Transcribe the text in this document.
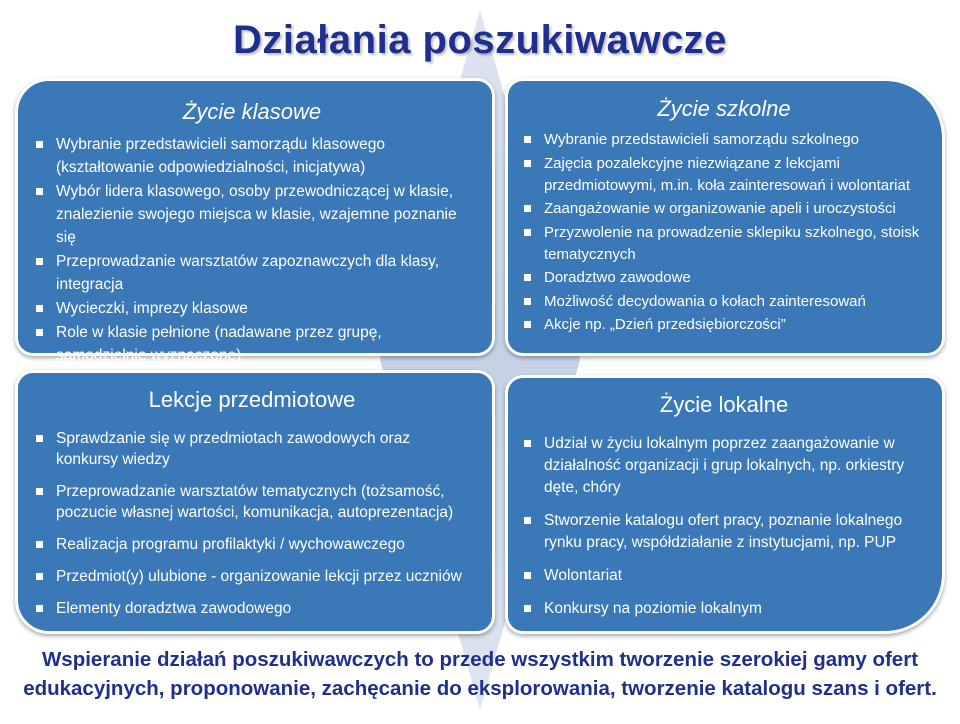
Działania poszukiwawcze
Życie klasowe
Wybranie przedstawicieli samorządu klasowego (kształtowanie odpowiedzialności, inicjatywa)
Wybór lidera klasowego, osoby przewodniczącej w klasie, znalezienie swojego miejsca w klasie, wzajemne poznanie się
Przeprowadzanie warsztatów zapoznawczych dla klasy, integracja
Wycieczki, imprezy klasowe
Role w klasie pełnione (nadawane przez grupę, samodzielnie wyznaczone)
Życie szkolne
Wybranie przedstawicieli samorządu szkolnego
Zajęcia pozalekcyjne niezwiązane z lekcjami przedmiotowymi, m.in. koła zainteresowań i wolontariat
Zaangażowanie w organizowanie apeli i uroczystości
Przyzwolenie na prowadzenie sklepiku szkolnego, stoisk tematycznych
Doradztwo zawodowe
Możliwość decydowania o kołach zainteresowań
Akcje np. „Dzień przedsiębiorczości”
Lekcje przedmiotowe
Sprawdzanie się w przedmiotach zawodowych oraz konkursy wiedzy
Przeprowadzanie warsztatów tematycznych (tożsamość, poczucie własnej wartości, komunikacja, autoprezentacja)
Realizacja programu profilaktyki / wychowawczego
Przedmiot(y) ulubione - organizowanie lekcji przez uczniów
Elementy doradztwa zawodowego
Życie lokalne
Udział w życiu lokalnym poprzez zaangażowanie w działalność organizacji i grup lokalnych, np. orkiestry dęte, chóry
Stworzenie katalogu ofert pracy, poznanie lokalnego rynku pracy, współdziałanie z instytucjami, np. PUP
Wolontariat
Konkursy na poziomie lokalnym
Wspieranie działań poszukiwawczych to przede wszystkim tworzenie szerokiej gamy ofert
edukacyjnych, proponowanie, zachęcanie do eksplorowania, tworzenie katalogu szans i ofert.
